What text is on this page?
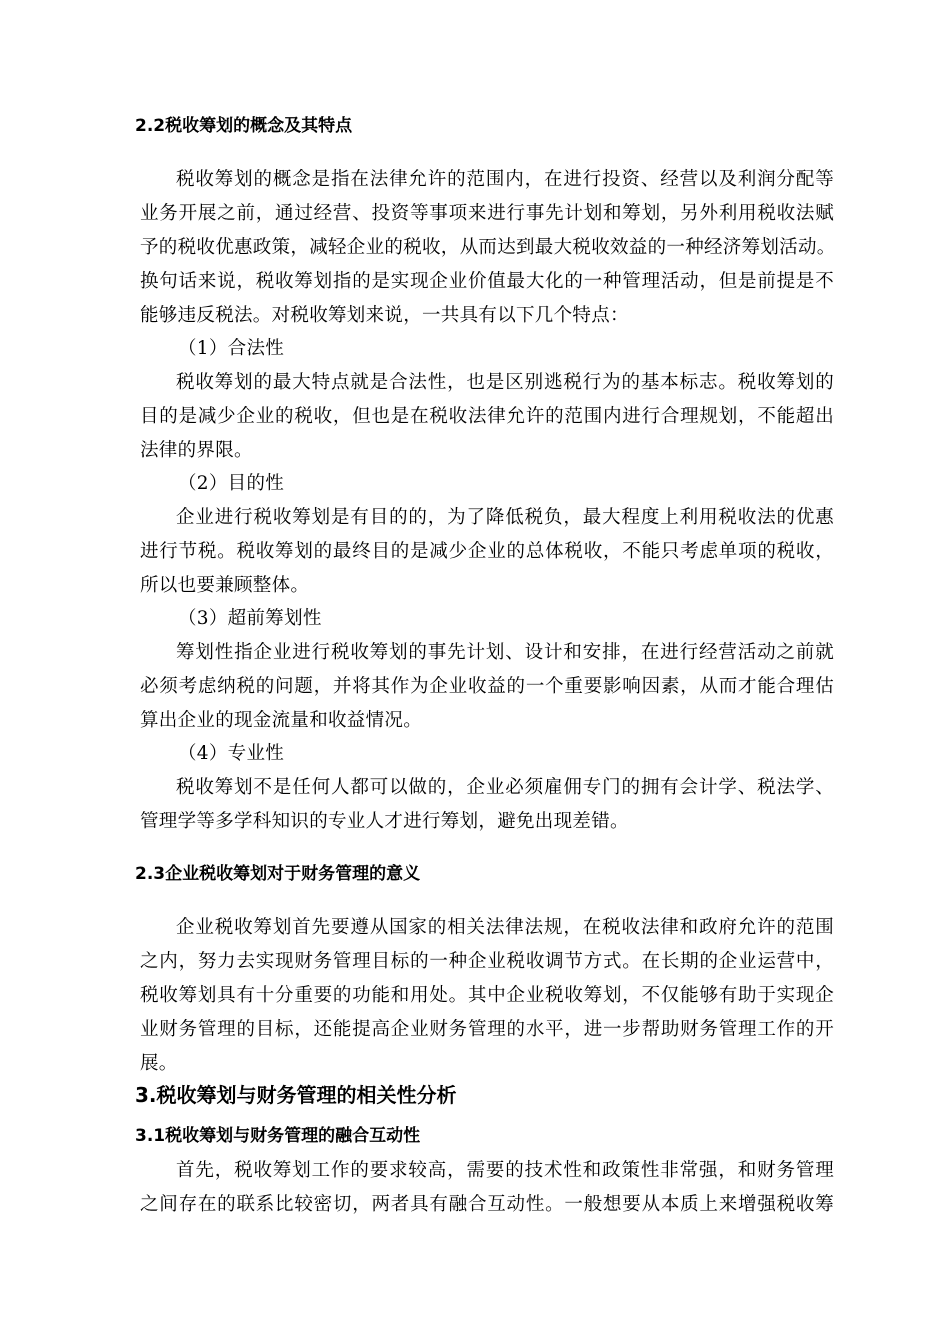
2.2税收筹划的概念及其特点
税收筹划的概念是指在法律允许的范围内，在进行投资、经营以及利润分配等
业务开展之前，通过经营、投资等事项来进行事先计划和筹划，另外利用税收法赋
予的税收优惠政策，减轻企业的税收，从而达到最大税收效益的一种经济筹划活动。
换句话来说，税收筹划指的是实现企业价值最大化的一种管理活动，但是前提是不
能够违反税法。对税收筹划来说，一共具有以下几个特点：
（1）合法性
税收筹划的最大特点就是合法性，也是区别逃税行为的基本标志。税收筹划的
目的是减少企业的税收，但也是在税收法律允许的范围内进行合理规划，不能超出
法律的界限。
（2）目的性
企业进行税收筹划是有目的的，为了降低税负，最大程度上利用税收法的优惠
进行节税。税收筹划的最终目的是减少企业的总体税收，不能只考虑单项的税收，
所以也要兼顾整体。
（3）超前筹划性
筹划性指企业进行税收筹划的事先计划、设计和安排，在进行经营活动之前就
必须考虑纳税的问题，并将其作为企业收益的一个重要影响因素，从而才能合理估
算出企业的现金流量和收益情况。
（4）专业性
税收筹划不是任何人都可以做的，企业必须雇佣专门的拥有会计学、税法学、
管理学等多学科知识的专业人才进行筹划，避免出现差错。
2.3企业税收筹划对于财务管理的意义
企业税收筹划首先要遵从国家的相关法律法规，在税收法律和政府允许的范围
之内，努力去实现财务管理目标的一种企业税收调节方式。在长期的企业运营中，
税收筹划具有十分重要的功能和用处。其中企业税收筹划，不仅能够有助于实现企
业财务管理的目标，还能提高企业财务管理的水平，进一步帮助财务管理工作的开
展。
3.税收筹划与财务管理的相关性分析
3.1税收筹划与财务管理的融合互动性
首先，税收筹划工作的要求较高，需要的技术性和政策性非常强，和财务管理
之间存在的联系比较密切，两者具有融合互动性。一般想要从本质上来增强税收筹
